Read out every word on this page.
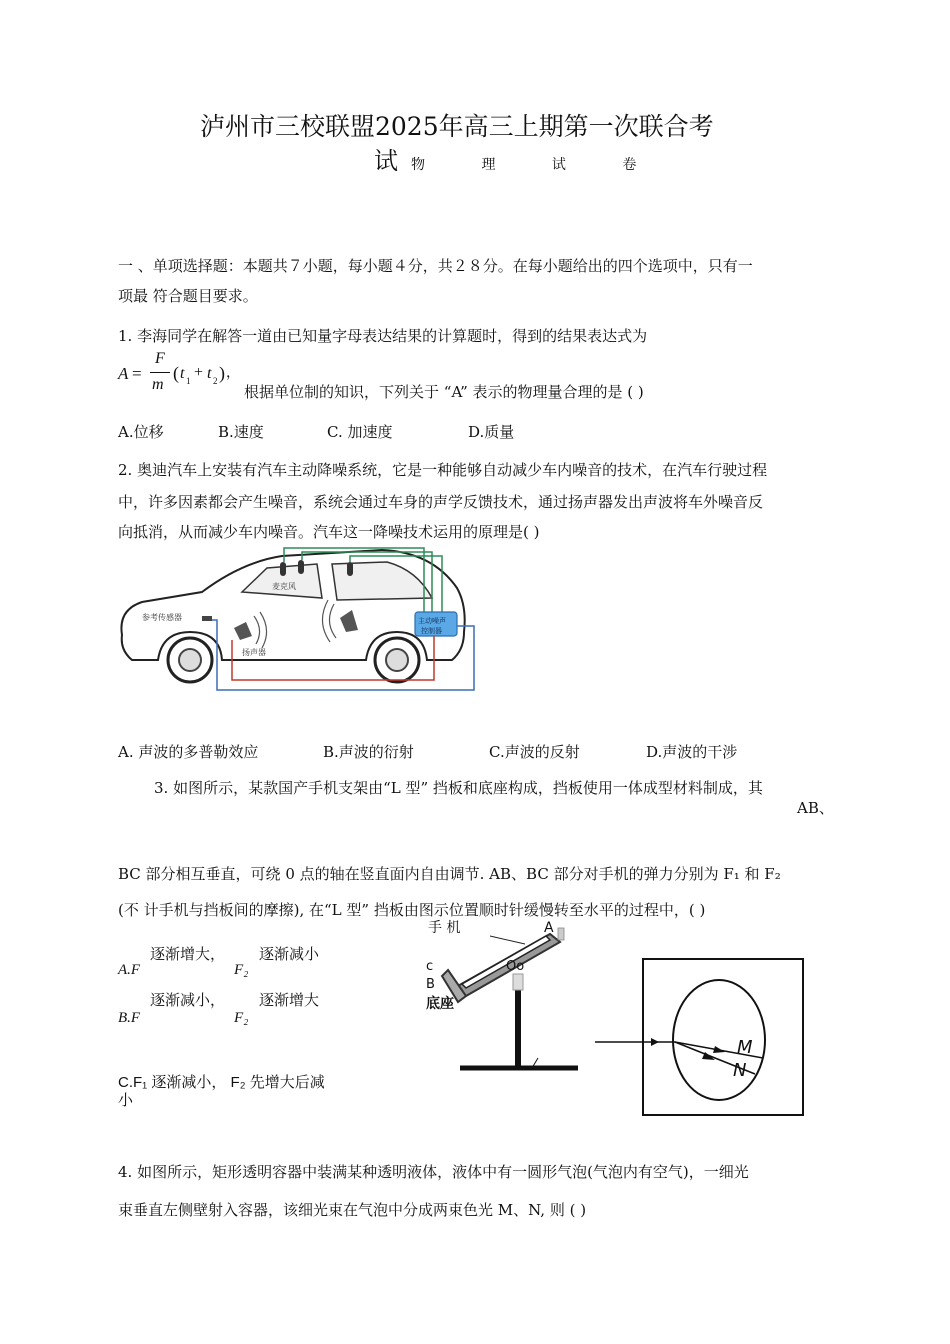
泸州市三校联盟2025年高三上期第一次联合考
试 物 理 试 卷
一 、单项选择题：本题共７小题，每小题４分，共２８分。在每小题给出的四个选项中，只有一
项最 符合题目要求。
1. 李海同学在解答一道由已知量字母表达结果的计算题时，得到的结果表达式为
A =
F
m
( t 1 + t 2 ) ，
根据单位制的知识，下列关于 “A” 表示的物理量合理的是 ( )
A.位移	B.速度	C. 加速度	D.质量
2. 奥迪汽车上安装有汽车主动降噪系统，它是一种能够自动减少车内噪音的技术，在汽车行驶过程
中，许多因素都会产生噪音，系统会通过车身的声学反馈技术，通过扬声器发出声波将车外噪音反
向抵消，从而减少车内噪音。汽车这一降噪技术运用的原理是( )
麦克风
主动噪声
控制器
参考传感器
扬声器
A. 声波的多普勒效应	B.声波的衍射	C.声波的反射	D.声波的干涉
3. 如图所示，某款国产手机支架由“L 型” 挡板和底座构成，挡板使用一体成型材料制成，其
AB、
BC 部分相互垂直，可绕 0 点的轴在竖直面内自由调节. AB、BC 部分对手机的弹力分别为 F₁ 和 F₂
(不 计手机与挡板间的摩擦), 在“L 型” 挡板由图示位置顺时针缓慢转至水平的过程中，( )
逐渐增大， 逐渐减小
A.F	F₂
逐渐减小， 逐渐增大
B.F	F₂
C.F₁ 逐渐减小， F₂ 先增大后减
小
手 机	A
Oo
c
B
底座
M
N
4. 如图所示，矩形透明容器中装满某种透明液体，液体中有一圆形气泡(气泡内有空气)，一细光
束垂直左侧壁射入容器，该细光束在气泡中分成两束色光 M、N, 则 ( )
